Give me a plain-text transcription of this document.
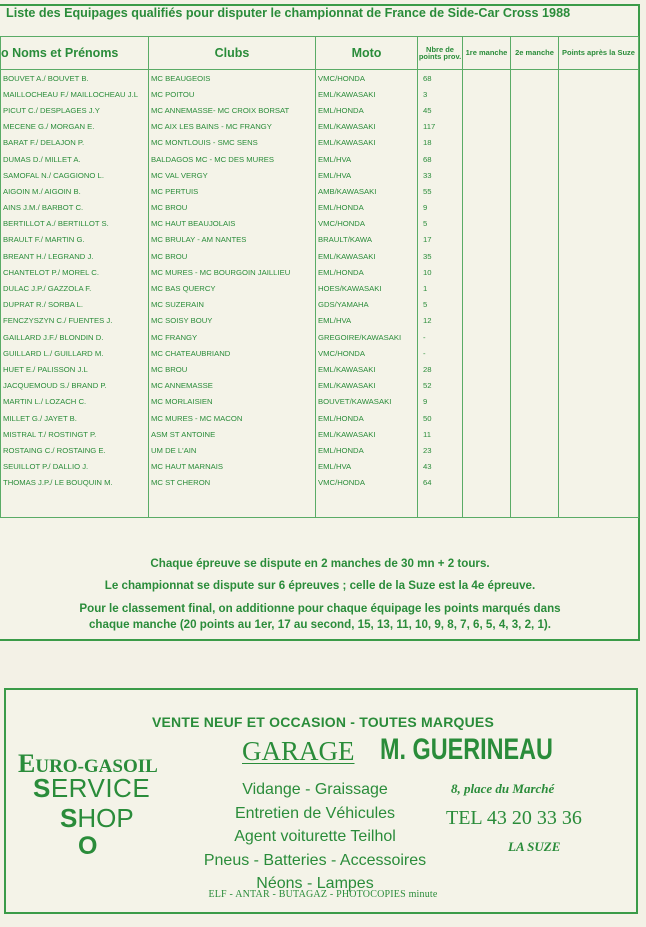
Liste des Equipages qualifiés pour disputer le championnat de France de Side-Car Cross 1988
o Noms et Prénoms	Clubs	Moto	Nbre de points prov.	1re manche	2e manche	Points après la Suze
BOUVET A./ BOUVET B.	MC BEAUGEOIS	VMC/HONDA	68			
MAILLOCHEAU F./ MAILLOCHEAU J.L	MC POITOU	EML/KAWASAKI	3			
PICUT C./ DESPLAGES J.Y	MC ANNEMASSE- MC CROIX BORSAT	EML/HONDA	45			
MECENE G./ MORGAN E.	MC AIX LES BAINS - MC FRANGY	EML/KAWASAKI	117			
BARAT F./ DELAJON P.	MC MONTLOUIS - SMC SENS	EML/KAWASAKI	18			
DUMAS D./ MILLET A.	BALDAGOS MC - MC DES MURES	EML/HVA	68			
SAMOFAL N./ CAGGIONO L.	MC VAL VERGY	EML/HVA	33			
AIGOIN M./ AIGOIN B.	MC PERTUIS	AMB/KAWASAKI	55			
AINS J.M./ BARBOT C.	MC BROU	EML/HONDA	9			
BERTILLOT A./ BERTILLOT S.	MC HAUT BEAUJOLAIS	VMC/HONDA	5			
BRAULT F./ MARTIN G.	MC BRULAY - AM NANTES	BRAULT/KAWA	17			
BREANT H./ LEGRAND J.	MC BROU	EML/KAWASAKI	35			
CHANTELOT P./ MOREL C.	MC MURES - MC BOURGOIN JAILLIEU	EML/HONDA	10			
DULAC J.P./ GAZZOLA F.	MC BAS QUERCY	HOES/KAWASAKI	1			
DUPRAT R./ SORBA L.	MC SUZERAIN	GDS/YAMAHA	5			
FENCZYSZYN C./ FUENTES J.	MC SOISY BOUY	EML/HVA	12			
GAILLARD J.F./ BLONDIN D.	MC FRANGY	GREGOIRE/KAWASAKI	-			
GUILLARD L./ GUILLARD M.	MC CHATEAUBRIAND	VMC/HONDA	-			
HUET E./ PALISSON J.L	MC BROU	EML/KAWASAKI	28			
JACQUEMOUD S./ BRAND P.	MC ANNEMASSE	EML/KAWASAKI	52			
MARTIN L./ LOZACH C.	MC MORLAISIEN	BOUVET/KAWASAKI	9			
MILLET G./ JAYET B.	MC MURES - MC MACON	EML/HONDA	50			
MISTRAL T./ ROSTINGT P.	ASM ST ANTOINE	EML/KAWASAKI	11			
ROSTAING C./ ROSTAING E.	UM DE L'AIN	EML/HONDA	23			
SEUILLOT P./ DALLIO J.	MC HAUT MARNAIS	EML/HVA	43			
THOMAS J.P./ LE BOUQUIN M.	MC ST CHERON	VMC/HONDA	64			

Chaque épreuve se dispute en 2 manches de 30 mn + 2 tours.
Le championnat se dispute sur 6 épreuves ; celle de la Suze est la 4e épreuve.
Pour le classement final, on additionne pour chaque équipage les points marqués dans
chaque manche (20 points au 1er, 17 au second, 15, 13, 11, 10, 9, 8, 7, 6, 5, 4, 3, 2, 1).
VENTE NEUF ET OCCASION - TOUTES MARQUES
EURO-GASOIL
SERVICE
SHOP
O
GARAGE M. GUERINEAU
Vidange - Graissage
Entretien de Véhicules
Agent voiturette Teilhol
Pneus - Batteries - Accessoires
Néons - Lampes
8, place du Marché
TEL 43 20 33 36
LA SUZE
ELF - ANTAR - BUTAGAZ - PHOTOCOPIES minute
